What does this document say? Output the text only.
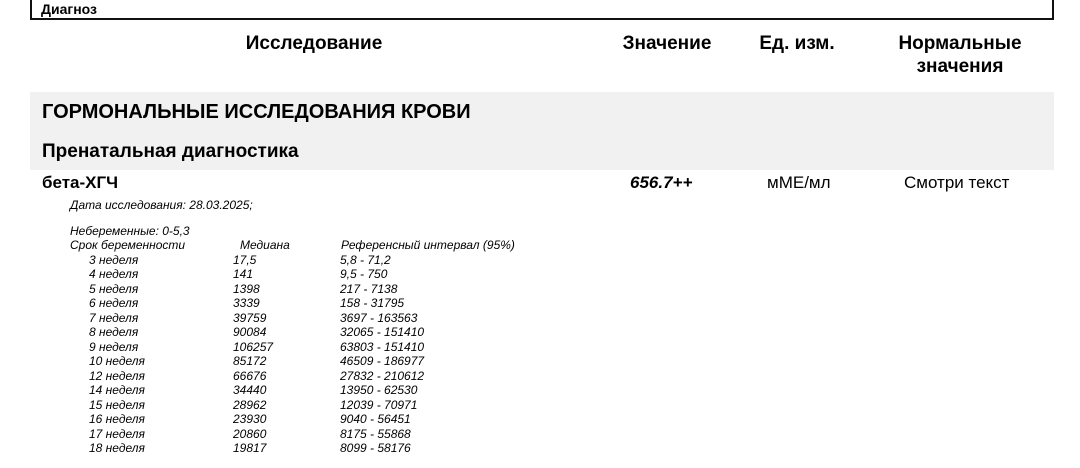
Диагноз
Исследование	Значение	Ед. изм.	Нормальные
значения
ГОРМОНАЛЬНЫЕ ИССЛЕДОВАНИЯ КРОВИ
Пренатальная диагностика
бета-ХГЧ	656.7++	мМЕ/мл	Смотри текст
Дата исследования: 28.03.2025;
Небеременные: 0-5,3
Срок беременности	Медиана	Референсный интервал (95%)
3 неделя	17,5	5,8 - 71,2
4 неделя	141	9,5 - 750
5 неделя	1398	217 - 7138
6 неделя	3339	158 - 31795
7 неделя	39759	3697 - 163563
8 неделя	90084	32065 - 151410
9 неделя	106257	63803 - 151410
10 неделя	85172	46509 - 186977
12 неделя	66676	27832 - 210612
14 неделя	34440	13950 - 62530
15 неделя	28962	12039 - 70971
16 неделя	23930	9040 - 56451
17 неделя	20860	8175 - 55868
18 неделя	19817	8099 - 58176
